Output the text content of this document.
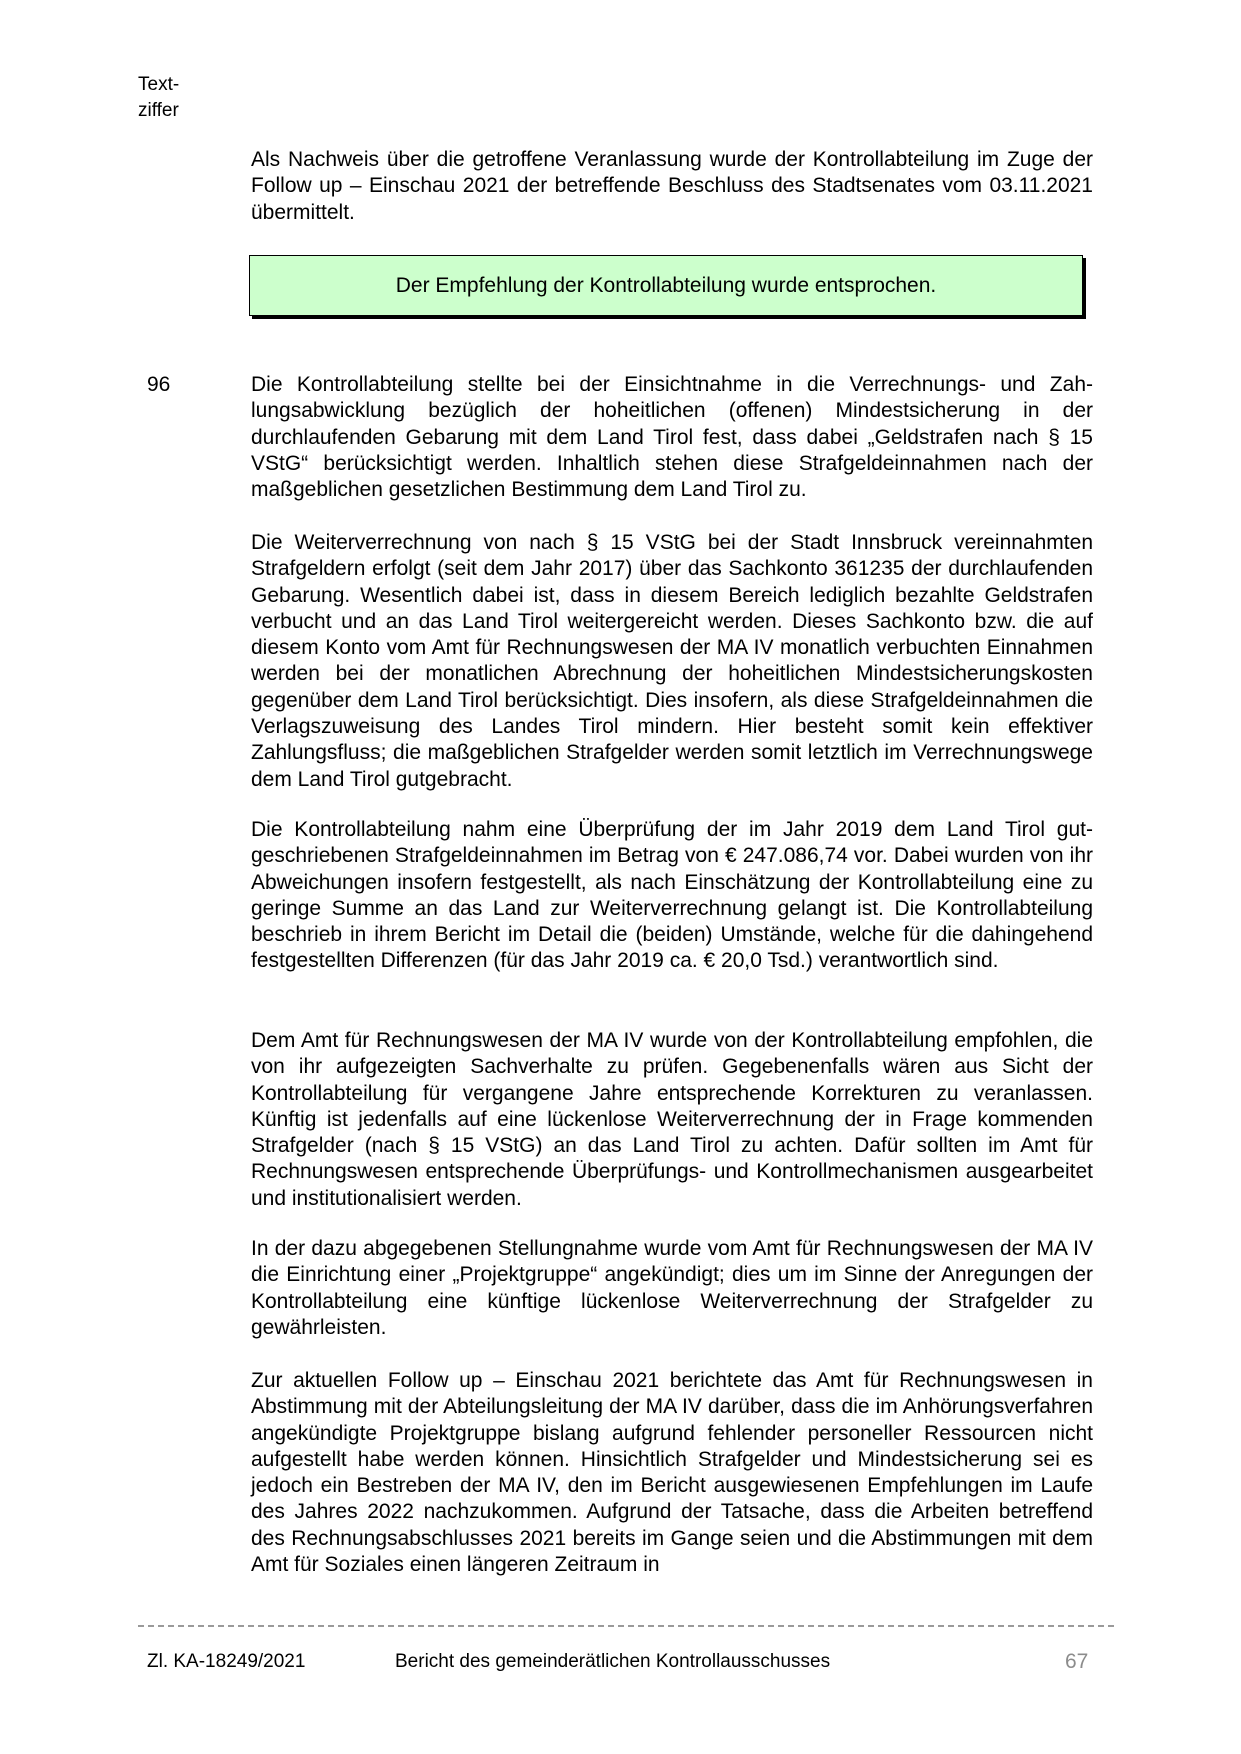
Text-
ziffer
Als Nachweis über die getroffene Veranlassung wurde der Kontrollabteilung im Zuge der Follow up – Einschau 2021 der betreffende Beschluss des Stadtsenates vom 03.11.2021 übermittelt.
Der Empfehlung der Kontrollabteilung wurde entsprochen.
96	Die Kontrollabteilung stellte bei der Einsichtnahme in die Verrechnungs- und Zahlungsabwicklung bezüglich der hoheitlichen (offenen) Mindestsicherung in der durchlaufenden Gebarung mit dem Land Tirol fest, dass dabei „Geldstrafen nach § 15 VStG“ berücksichtigt werden. Inhaltlich stehen diese Strafgeldeinnahmen nach der maßgeblichen gesetzlichen Bestimmung dem Land Tirol zu.
Die Weiterverrechnung von nach § 15 VStG bei der Stadt Innsbruck vereinnahmten Strafgeldern erfolgt (seit dem Jahr 2017) über das Sachkonto 361235 der durchlaufenden Gebarung. Wesentlich dabei ist, dass in diesem Bereich lediglich bezahlte Geldstrafen verbucht und an das Land Tirol weitergereicht werden. Dieses Sachkonto bzw. die auf diesem Konto vom Amt für Rechnungswesen der MA IV monatlich verbuchten Einnahmen werden bei der monatlichen Abrechnung der hoheitlichen Mindestsicherungskosten gegenüber dem Land Tirol berücksichtigt. Dies insofern, als diese Strafgeldeinnahmen die Verlagszuweisung des Landes Tirol mindern. Hier besteht somit kein effektiver Zahlungsfluss; die maßgeblichen Strafgelder werden somit letztlich im Verrechnungswege dem Land Tirol gutgebracht.
Die Kontrollabteilung nahm eine Überprüfung der im Jahr 2019 dem Land Tirol gutgeschriebenen Strafgeldeinnahmen im Betrag von € 247.086,74 vor. Dabei wurden von ihr Abweichungen insofern festgestellt, als nach Einschätzung der Kontrollabteilung eine zu geringe Summe an das Land zur Weiterverrechnung gelangt ist. Die Kontrollabteilung beschrieb in ihrem Bericht im Detail die (beiden) Umstände, welche für die dahingehend festgestellten Differenzen (für das Jahr 2019 ca. € 20,0 Tsd.) verantwortlich sind.
Dem Amt für Rechnungswesen der MA IV wurde von der Kontrollabteilung empfohlen, die von ihr aufgezeigten Sachverhalte zu prüfen. Gegebenenfalls wären aus Sicht der Kontrollabteilung für vergangene Jahre entsprechende Korrekturen zu veranlassen. Künftig ist jedenfalls auf eine lückenlose Weiterverrechnung der in Frage kommenden Strafgelder (nach § 15 VStG) an das Land Tirol zu achten. Dafür sollten im Amt für Rechnungswesen entsprechende Überprüfungs- und Kontrollmechanismen ausgearbeitet und institutionalisiert werden.
In der dazu abgegebenen Stellungnahme wurde vom Amt für Rechnungswesen der MA IV die Einrichtung einer „Projektgruppe“ angekündigt; dies um im Sinne der Anregungen der Kontrollabteilung eine künftige lückenlose Weiterverrechnung der Strafgelder zu gewährleisten.
Zur aktuellen Follow up – Einschau 2021 berichtete das Amt für Rechnungswesen in Abstimmung mit der Abteilungsleitung der MA IV darüber, dass die im Anhörungsverfahren angekündigte Projektgruppe bislang aufgrund fehlender personeller Ressourcen nicht aufgestellt habe werden können. Hinsichtlich Strafgelder und Mindestsicherung sei es jedoch ein Bestreben der MA IV, den im Bericht ausgewiesenen Empfehlungen im Laufe des Jahres 2022 nachzukommen. Aufgrund der Tatsache, dass die Arbeiten betreffend des Rechnungsabschlusses 2021 bereits im Gange seien und die Abstimmungen mit dem Amt für Soziales einen längeren Zeitraum in
Zl. KA-18249/2021	Bericht des gemeinderätlichen Kontrollausschusses	67
